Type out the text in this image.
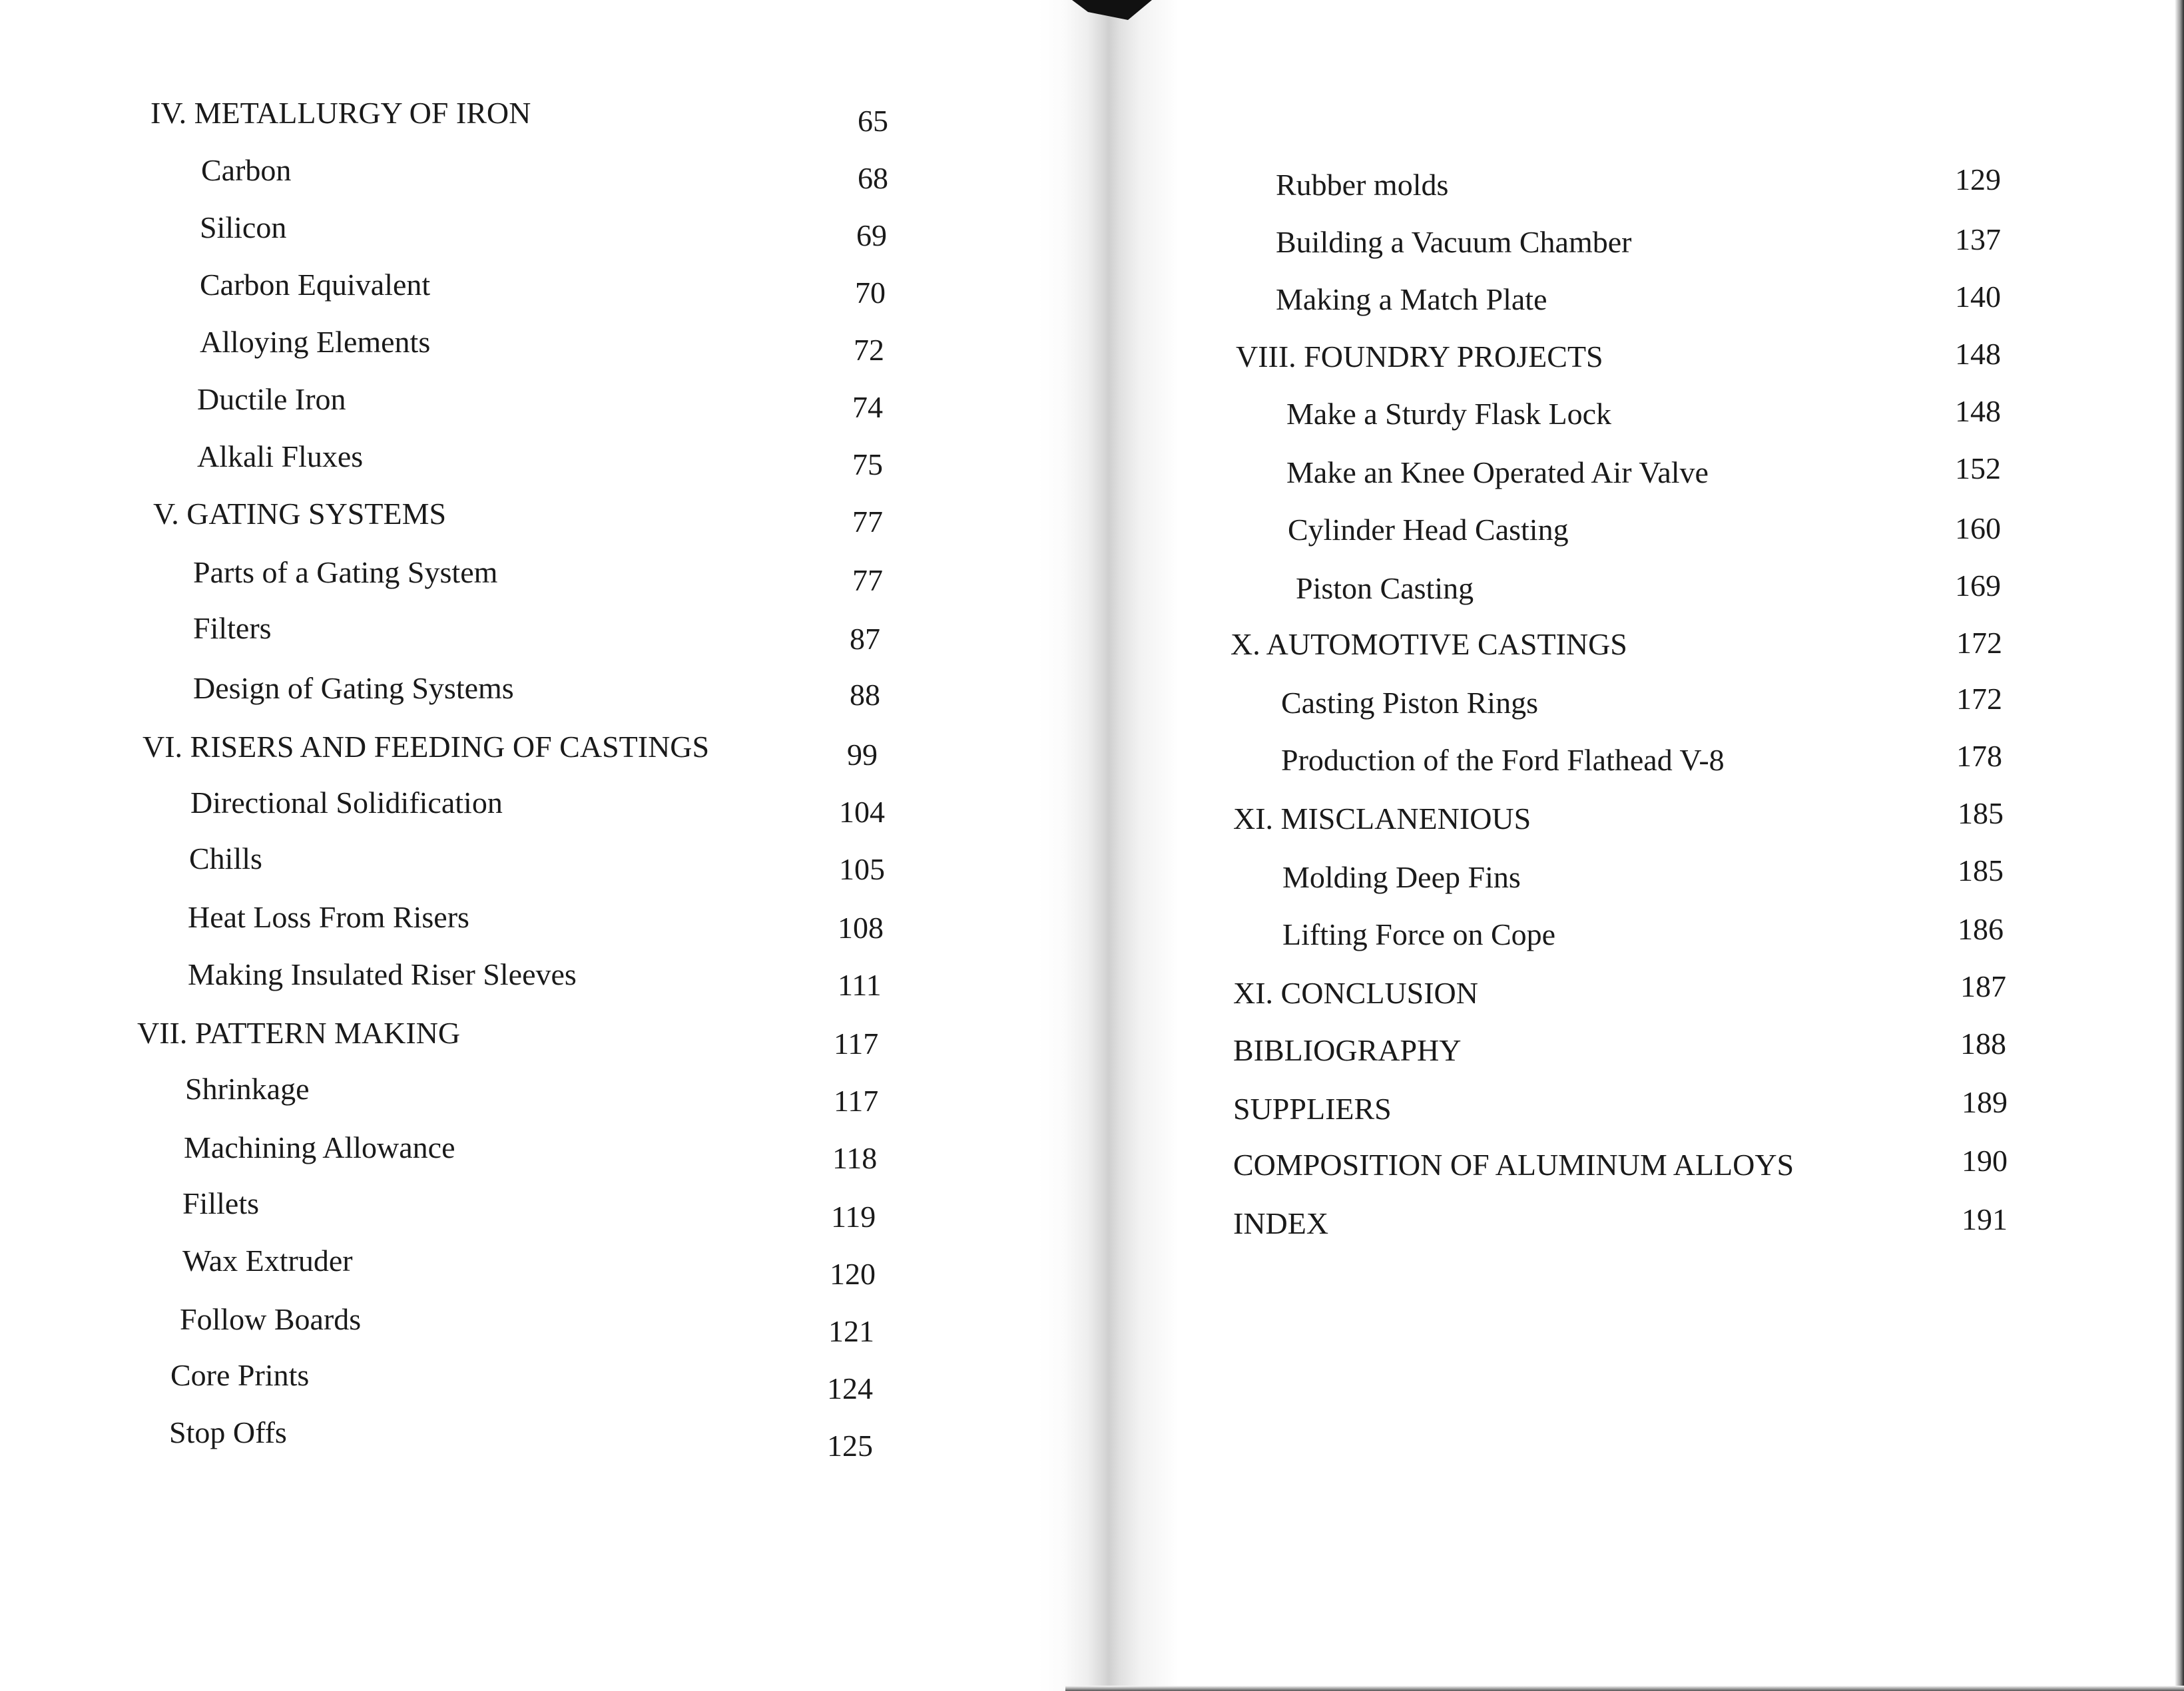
IV. METALLURGY OF IRON	65
Carbon	68
Silicon	69
Carbon Equivalent	70
Alloying Elements	72
Ductile Iron	74
Alkali Fluxes	75
V. GATING SYSTEMS	77
Parts of a Gating System	77
Filters	87
Design of Gating Systems	88
VI. RISERS AND FEEDING OF CASTINGS	99
Directional Solidification	104
Chills	105
Heat Loss From Risers	108
Making Insulated Riser Sleeves	111
VII. PATTERN MAKING	117
Shrinkage	117
Machining Allowance	118
Fillets	119
Wax Extruder	120
Follow Boards	121
Core Prints	124
Stop Offs	125
Rubber molds	129
Building a Vacuum Chamber	137
Making a Match Plate	140
VIII. FOUNDRY PROJECTS	148
Make a Sturdy Flask Lock	148
Make an Knee Operated Air Valve	152
Cylinder Head Casting	160
Piston Casting	169
X. AUTOMOTIVE CASTINGS	172
Casting Piston Rings	172
Production of the Ford Flathead V-8	178
XI. MISCLANENIOUS	185
Molding Deep Fins	185
Lifting Force on Cope	186
XI. CONCLUSION	187
BIBLIOGRAPHY	188
SUPPLIERS	189
COMPOSITION OF ALUMINUM ALLOYS	190
INDEX	191
